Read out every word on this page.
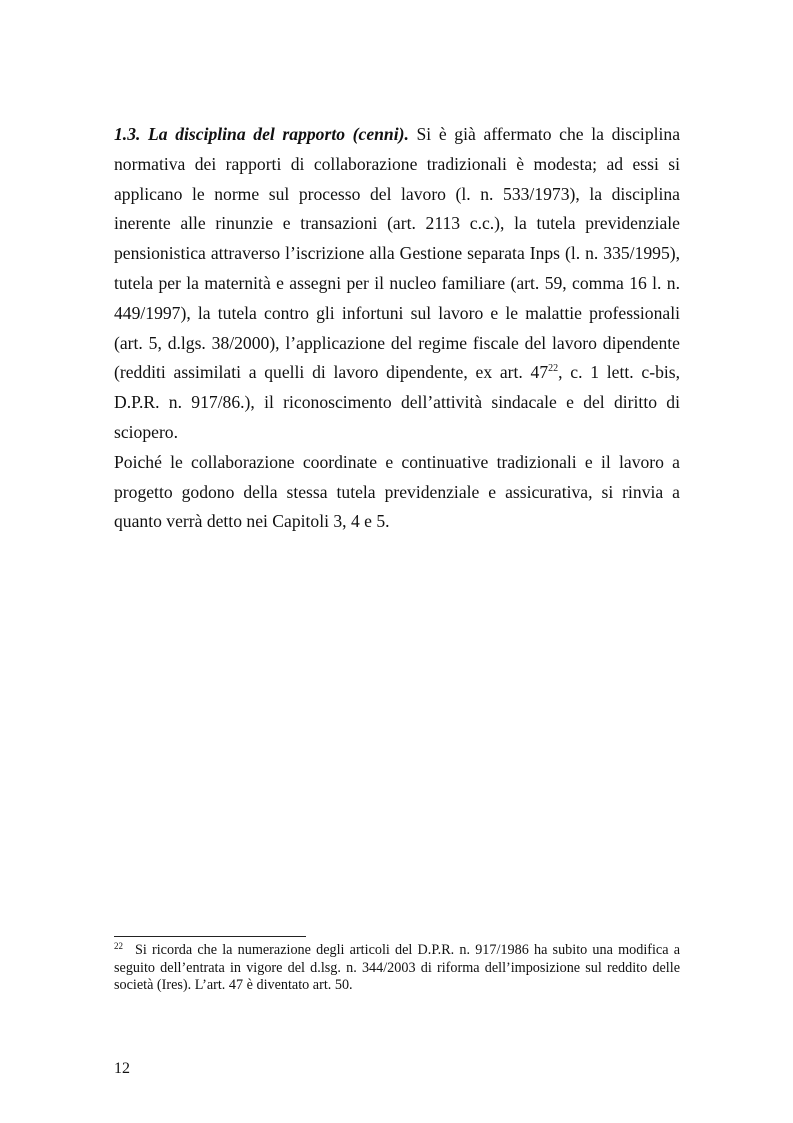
1.3. La disciplina del rapporto (cenni). Si è già affermato che la disciplina normativa dei rapporti di collaborazione tradizionali è modesta; ad essi si applicano le norme sul processo del lavoro (l. n. 533/1973), la disciplina inerente alle rinunzie e transazioni (art. 2113 c.c.), la tutela previdenziale pensionistica attraverso l’iscrizione alla Gestione separata Inps (l. n. 335/1995), tutela per la maternità e assegni per il nucleo familiare (art. 59, comma 16 l. n. 449/1997), la tutela contro gli infortuni sul lavoro e le malattie professionali (art. 5, d.lgs. 38/2000), l’applicazione del regime fiscale del lavoro dipendente (redditi assimilati a quelli di lavoro dipendente, ex art. $47^{22}$, c. 1 lett. c-bis, D.P.R. n. 917/86.), il riconoscimento dell’attività sindacale e del diritto di sciopero.

Poiché le collaborazione coordinate e continuative tradizionali e il lavoro a progetto godono della stessa tutela previdenziale e assicurativa, si rinvia a quanto verrà detto nei Capitoli 3, 4 e 5.

$^{22}$ Si ricorda che la numerazione degli articoli del D.P.R. n. 917/1986 ha subito una modifica a seguito dell’entrata in vigore del d.lsg. n. 344/2003 di riforma dell’imposizione sul reddito delle società (Ires). L’art. 47 è diventato art. 50.

12
